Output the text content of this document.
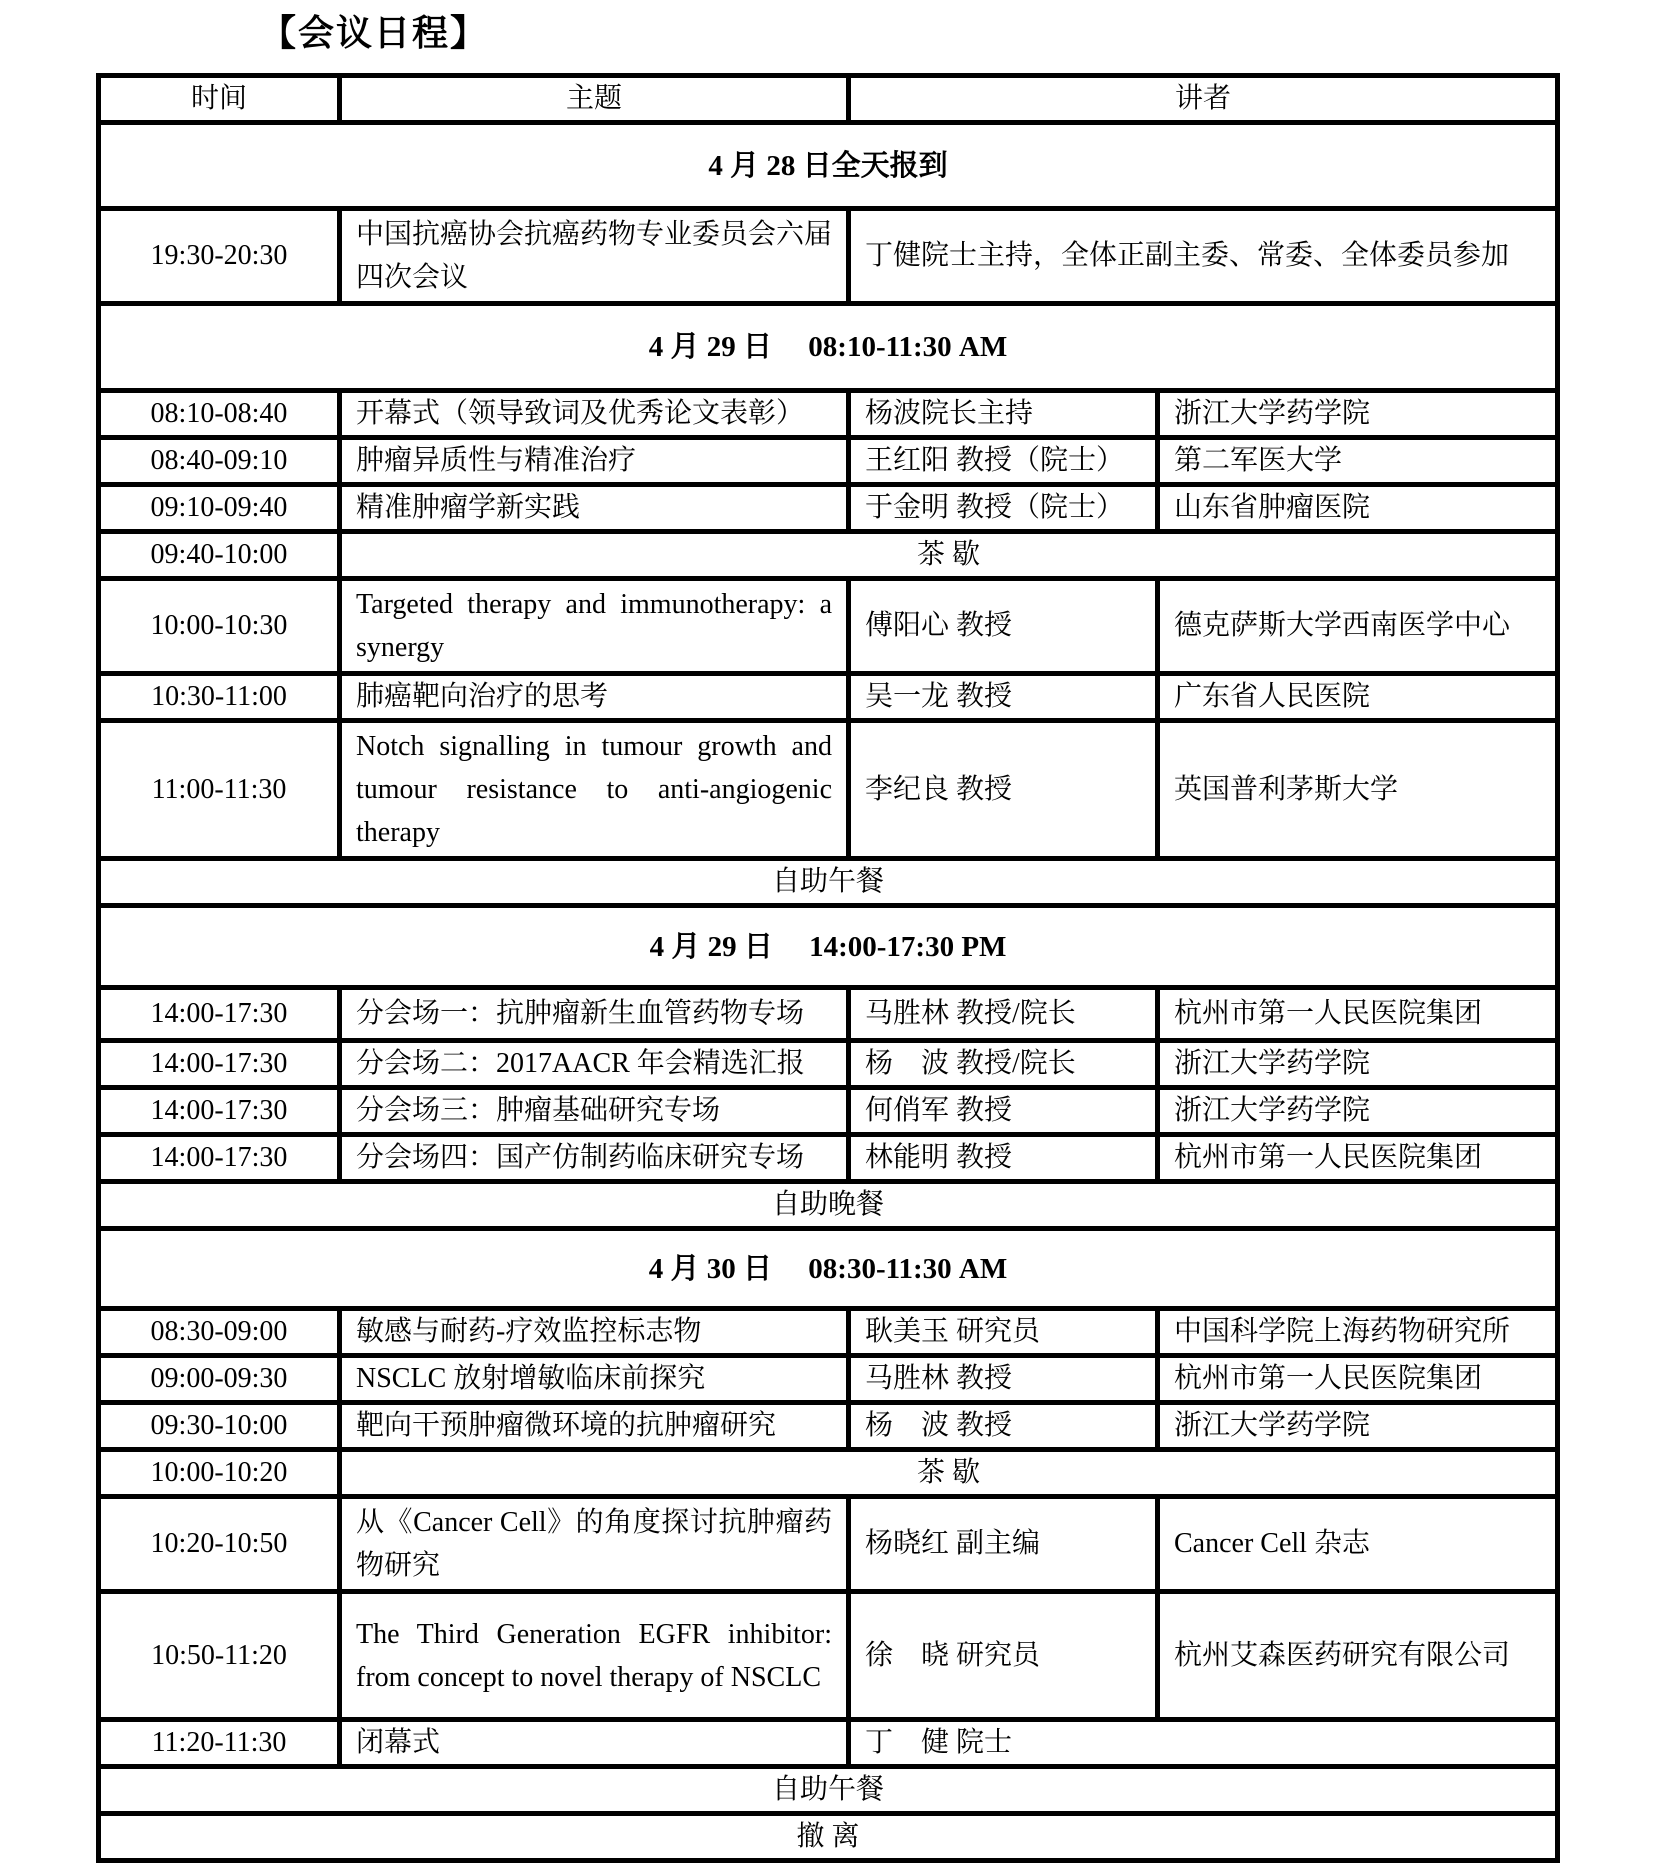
【会议日程】
时间	主题	讲者	
4 月 28 日全天报到			
19:30-20:30	中国抗癌协会抗癌药物专业委员会六届四次会议	丁健院士主持，全体正副主委、常委、全体委员参加	
4 月 29 日　 08:10-11:30 AM			
08:10-08:40	开幕式（领导致词及优秀论文表彰）	杨波院长主持	浙江大学药学院
08:40-09:10	肿瘤异质性与精准治疗	王红阳 教授（院士）	第二军医大学
09:10-09:40	精准肿瘤学新实践	于金明 教授（院士）	山东省肿瘤医院
09:40-10:00	茶 歇		
10:00-10:30	Targeted therapy and immunotherapy: a synergy	傅阳心 教授	德克萨斯大学西南医学中心
10:30-11:00	肺癌靶向治疗的思考	吴一龙 教授	广东省人民医院
11:00-11:30	Notch signalling in tumour growth and tumour resistance to anti-angiogenic therapy	李纪良 教授	英国普利茅斯大学
自助午餐			
4 月 29 日　 14:00-17:30 PM			
14:00-17:30	分会场一：抗肿瘤新生血管药物专场	马胜林 教授/院长	杭州市第一人民医院集团
14:00-17:30	分会场二：2017AACR 年会精选汇报	杨　波 教授/院长	浙江大学药学院
14:00-17:30	分会场三：肿瘤基础研究专场	何俏军 教授	浙江大学药学院
14:00-17:30	分会场四：国产仿制药临床研究专场	林能明 教授	杭州市第一人民医院集团
自助晚餐			
4 月 30 日　 08:30-11:30 AM			
08:30-09:00	敏感与耐药-疗效监控标志物	耿美玉 研究员	中国科学院上海药物研究所
09:00-09:30	NSCLC 放射增敏临床前探究	马胜林 教授	杭州市第一人民医院集团
09:30-10:00	靶向干预肿瘤微环境的抗肿瘤研究	杨　波 教授	浙江大学药学院
10:00-10:20	茶 歇		
10:20-10:50	从《Cancer Cell》的角度探讨抗肿瘤药物研究	杨晓红 副主编	Cancer Cell 杂志
10:50-11:20	The Third Generation EGFR inhibitor: from concept to novel therapy of NSCLC	徐　晓 研究员	杭州艾森医药研究有限公司
11:20-11:30	闭幕式	丁　健 院士	
自助午餐			
撤 离			
